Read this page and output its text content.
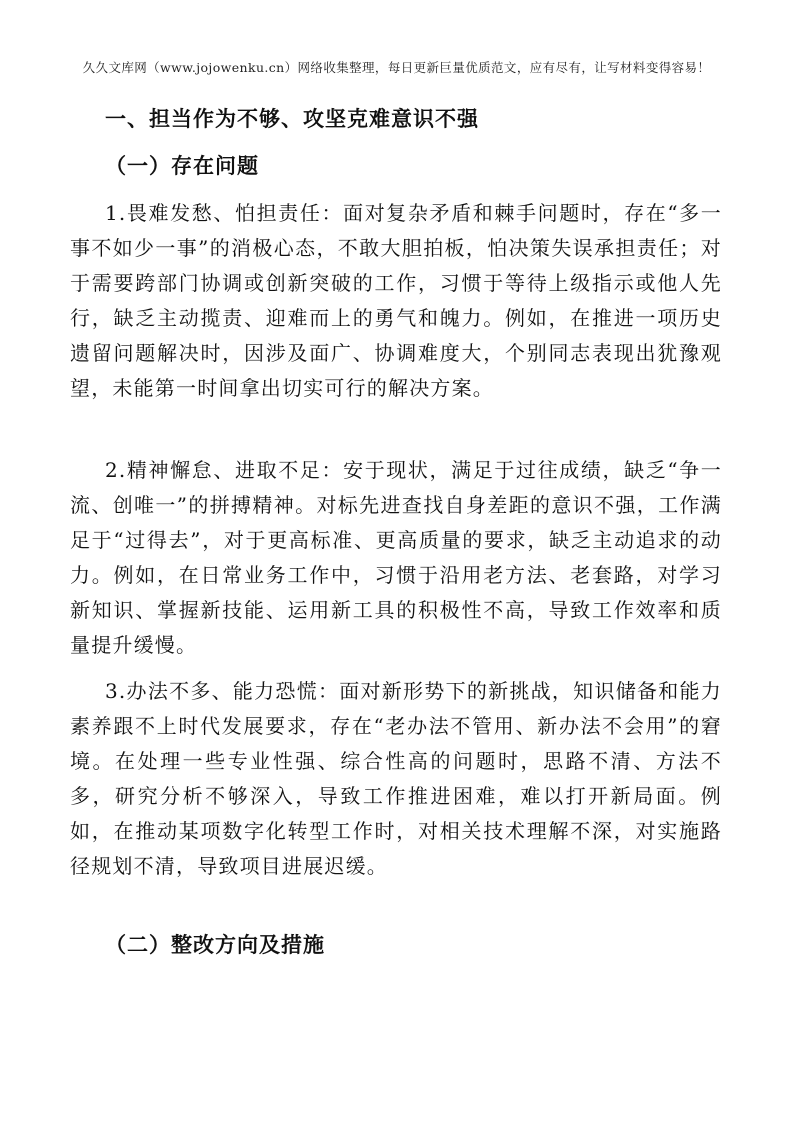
久久文库网（www.jojowenku.cn）网络收集整理，每日更新巨量优质范文，应有尽有，让写材料变得容易！
一、担当作为不够、攻坚克难意识不强
（一）存在问题

1.畏难发愁、怕担责任：面对复杂矛盾和棘手问题时，存在“多一事不如少一事”的消极心态，不敢大胆拍板，怕决策失误承担责任；对于需要跨部门协调或创新突破的工作，习惯于等待上级指示或他人先行，缺乏主动揽责、迎难而上的勇气和魄力。例如，在推进一项历史遗留问题解决时，因涉及面广、协调难度大，个别同志表现出犹豫观望，未能第一时间拿出切实可行的解决方案。

2.精神懈怠、进取不足：安于现状，满足于过往成绩，缺乏“争一流、创唯一”的拼搏精神。对标先进查找自身差距的意识不强，工作满足于“过得去”，对于更高标准、更高质量的要求，缺乏主动追求的动力。例如，在日常业务工作中，习惯于沿用老方法、老套路，对学习新知识、掌握新技能、运用新工具的积极性不高，导致工作效率和质量提升缓慢。

3.办法不多、能力恐慌：面对新形势下的新挑战，知识储备和能力素养跟不上时代发展要求，存在“老办法不管用、新办法不会用”的窘境。在处理一些专业性强、综合性高的问题时，思路不清、方法不多，研究分析不够深入，导致工作推进困难，难以打开新局面。例如，在推动某项数字化转型工作时，对相关技术理解不深，对实施路径规划不清，导致项目进展迟缓。

（二）整改方向及措施
